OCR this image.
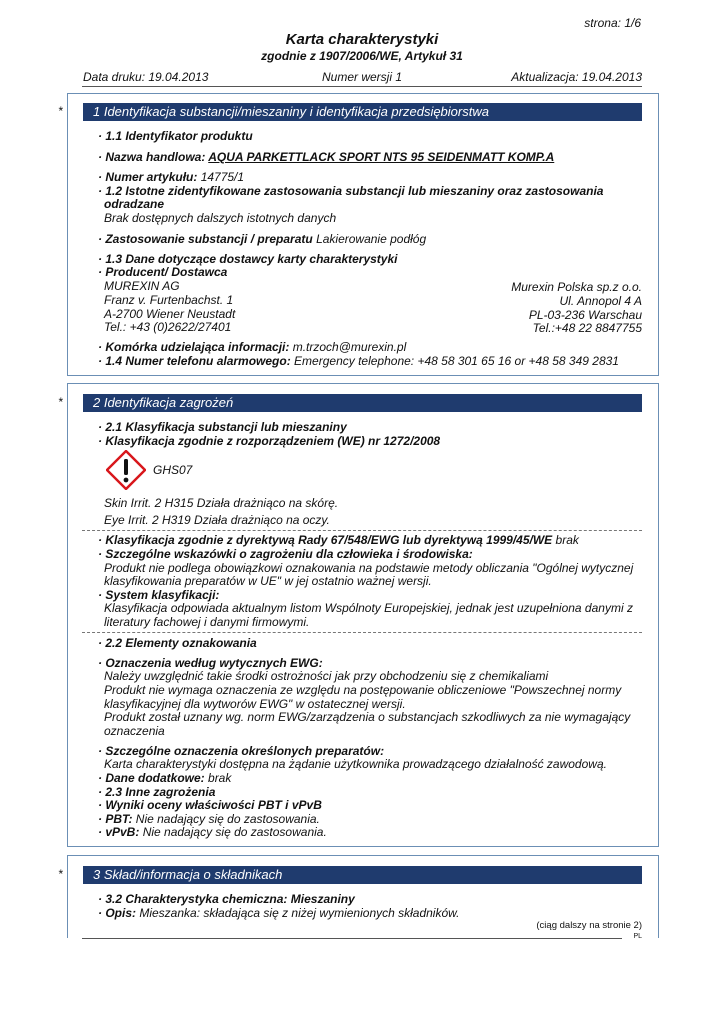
strona: 1/6
Karta charakterystyki
zgodnie z 1907/2006/WE, Artykuł 31
Data druku: 19.04.2013	Numer wersji 1	Aktualizacja: 19.04.2013
*	1 Identyfikacja substancji/mieszaniny i identyfikacja przedsiębiorstwa
· 1.1 Identyfikator produktu
· Nazwa handlowa: AQUA PARKETTLACK SPORT NTS 95 SEIDENMATT KOMP.A
· Numer artykułu: 14775/1
· 1.2 Istotne zidentyfikowane zastosowania substancji lub mieszaniny oraz zastosowania
odradzane
Brak dostępnych dalszych istotnych danych
· Zastosowanie substancji / preparatu Lakierowanie podłóg
· 1.3 Dane dotyczące dostawcy karty charakterystyki
· Producent/ Dostawca
MUREXIN AG
Franz v. Furtenbachst. 1
A-2700 Wiener Neustadt
Tel.: +43 (0)2622/27401
Murexin Polska sp.z o.o.
Ul. Annopol 4 A
PL-03-236 Warschau
Tel.:+48 22 8847755
· Komórka udzielająca informacji: m.trzoch@murexin.pl
· 1.4 Numer telefonu alarmowego: Emergency telephone: +48 58 301 65 16 or +48 58 349 2831
*	2 Identyfikacja zagrożeń
· 2.1 Klasyfikacja substancji lub mieszaniny
· Klasyfikacja zgodnie z rozporządzeniem (WE) nr 1272/2008
GHS07
Skin Irrit. 2 H315 Działa drażniąco na skórę.
Eye Irrit. 2 H319 Działa drażniąco na oczy.
· Klasyfikacja zgodnie z dyrektywą Rady 67/548/EWG lub dyrektywą 1999/45/WE brak
· Szczególne wskazówki o zagrożeniu dla człowieka i środowiska:
Produkt nie podlega obowiązkowi oznakowania na podstawie metody obliczania "Ogólnej wytycznej
klasyfikowania preparatów w UE" w jej ostatnio ważnej wersji.
· System klasyfikacji:
Klasyfikacja odpowiada aktualnym listom Wspólnoty Europejskiej, jednak jest uzupełniona danymi z
literatury fachowej i danymi firmowymi.
· 2.2 Elementy oznakowania
· Oznaczenia według wytycznych EWG:
Należy uwzględnić takie środki ostrożności jak przy obchodzeniu się z chemikaliami
Produkt nie wymaga oznaczenia ze względu na postępowanie obliczeniowe "Powszechnej normy
klasyfikacyjnej dla wytworów EWG" w ostatecznej wersji.
Produkt został uznany wg. norm EWG/zarządzenia o substancjach szkodliwych za nie wymagający
oznaczenia
· Szczególne oznaczenia określonych preparatów:
Karta charakterystyki dostępna na żądanie użytkownika prowadzącego działalność zawodową.
· Dane dodatkowe: brak
· 2.3 Inne zagrożenia
· Wyniki oceny właściwości PBT i vPvB
· PBT: Nie nadający się do zastosowania.
· vPvB: Nie nadający się do zastosowania.
*	3 Skład/informacja o składnikach
· 3.2 Charakterystyka chemiczna: Mieszaniny
· Opis: Mieszanka: składająca się z niżej wymienionych składników.
(ciąg dalszy na stronie 2)
PL
